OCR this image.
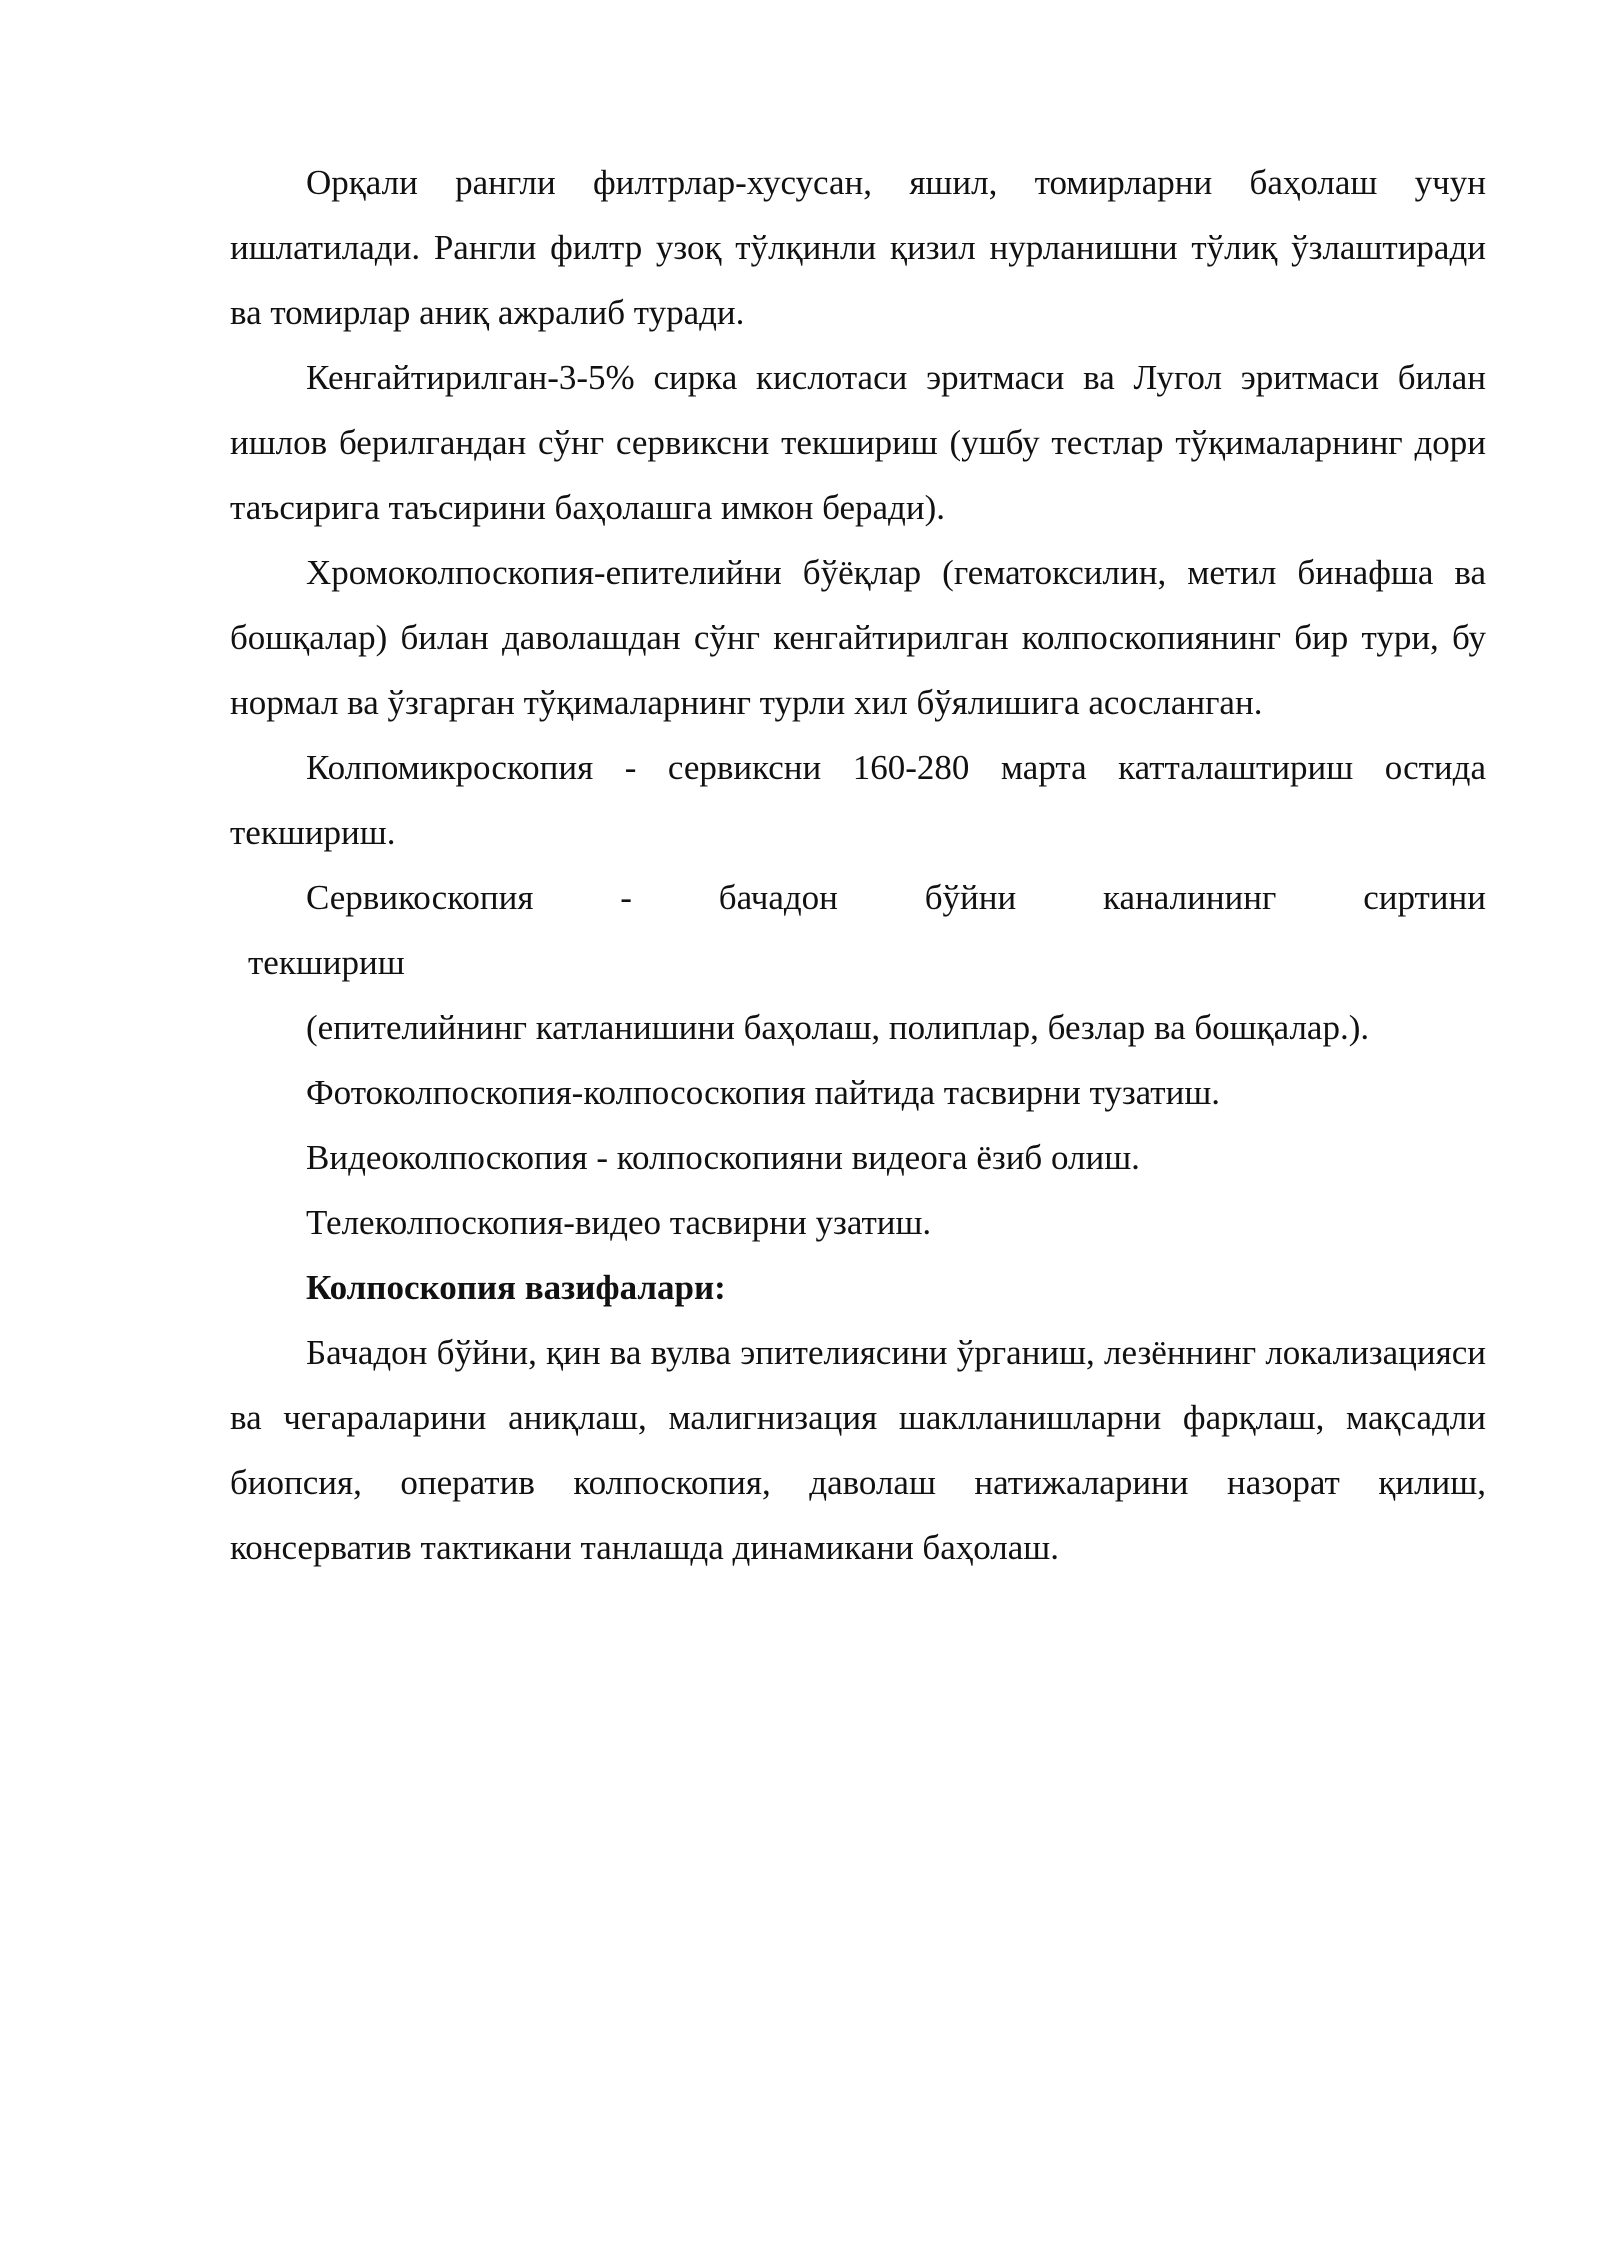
Орқали рангли филтрлар-хусусан, яшил, томирларни баҳолаш учун ишлатилади. Рангли филтр узоқ тўлқинли қизил нурланишни тўлиқ ўзлаштиради ва томирлар аниқ ажралиб туради.

Кенгайтирилган-3-5% сирка кислотаси эритмаси ва Лугол эритмаси билан ишлов берилгандан сўнг сервиксни текшириш (ушбу тестлар тўқималарнинг дори таъсирига таъсирини баҳолашга имкон беради).

Хромоколпоскопия-епителийни бўёқлар (гематоксилин, метил бинафша ва бошқалар) билан даволашдан сўнг кенгайтирилган колпоскопиянинг бир тури, бу нормал ва ўзгарган тўқималарнинг турли хил бўялишига асосланган.

Колпомикроскопия - сервиксни 160-280 марта катталаштириш остида текшириш.

Сервикоскопия - бачадон бўйни каналининг сиртини
текшириш

(епителийнинг катланишини баҳолаш, полиплар, безлар ва бошқалар.).

Фотоколпоскопия-колпососкопия пайтида тасвирни тузатиш.

Видеоколпоскопия - колпоскопияни видеога ёзиб олиш.

Телеколпоскопия-видео тасвирни узатиш.

Колпоскопия вазифалари:

Бачадон бўйни, қин ва вулва эпителиясини ўрганиш, лезённинг локализацияси ва чегараларини аниқлаш, малигнизация шаклланишларни фарқлаш, мақсадли биопсия, оператив колпоскопия, даволаш натижаларини назорат қилиш, консерватив тактикани танлашда динамикани баҳолаш.
